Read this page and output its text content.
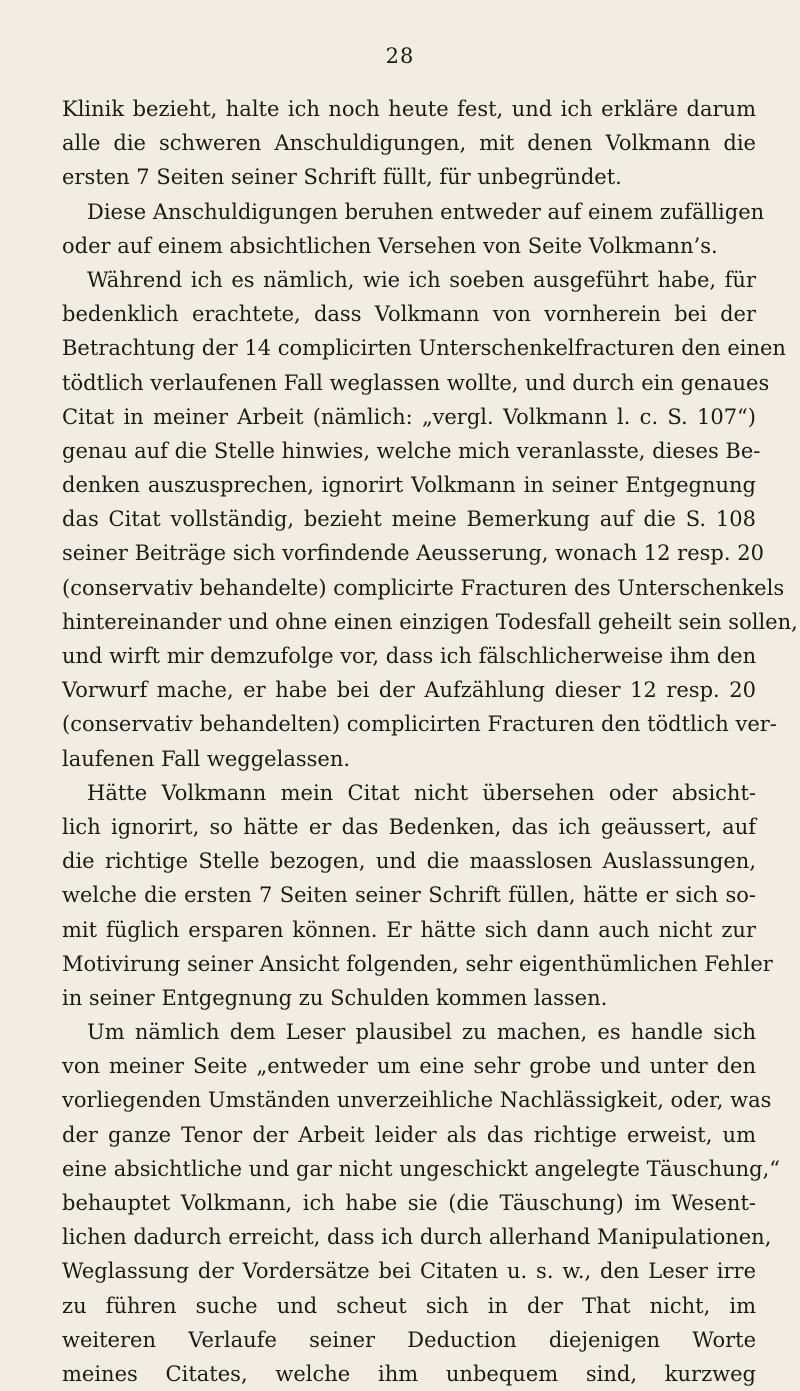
28
Klinik bezieht, halte ich noch heute fest, und ich erkläre darum
alle die schweren Anschuldigungen, mit denen Volkmann die
ersten 7 Seiten seiner Schrift füllt, für unbegründet.
Diese Anschuldigungen beruhen entweder auf einem zufälligen
oder auf einem absichtlichen Versehen von Seite Volkmann’s.
Während ich es nämlich, wie ich soeben ausgeführt habe, für
bedenklich erachtete, dass Volkmann von vornherein bei der
Betrachtung der 14 complicirten Unterschenkelfracturen den einen
tödtlich verlaufenen Fall weglassen wollte, und durch ein genaues
Citat in meiner Arbeit (nämlich: „vergl. Volkmann l. c. S. 107“)
genau auf die Stelle hinwies, welche mich veranlasste, dieses Be-
denken auszusprechen, ignorirt Volkmann in seiner Entgegnung
das Citat vollständig, bezieht meine Bemerkung auf die S. 108
seiner Beiträge sich vorfindende Aeusserung, wonach 12 resp. 20
(conservativ behandelte) complicirte Fracturen des Unterschenkels
hintereinander und ohne einen einzigen Todesfall geheilt sein sollen,
und wirft mir demzufolge vor, dass ich fälschlicherweise ihm den
Vorwurf mache, er habe bei der Aufzählung dieser 12 resp. 20
(conservativ behandelten) complicirten Fracturen den tödtlich ver-
laufenen Fall weggelassen.
Hätte Volkmann mein Citat nicht übersehen oder absicht-
lich ignorirt, so hätte er das Bedenken, das ich geäussert, auf
die richtige Stelle bezogen, und die maasslosen Auslassungen,
welche die ersten 7 Seiten seiner Schrift füllen, hätte er sich so-
mit füglich ersparen können. Er hätte sich dann auch nicht zur
Motivirung seiner Ansicht folgenden, sehr eigenthümlichen Fehler
in seiner Entgegnung zu Schulden kommen lassen.
Um nämlich dem Leser plausibel zu machen, es handle sich
von meiner Seite „entweder um eine sehr grobe und unter den
vorliegenden Umständen unverzeihliche Nachlässigkeit, oder, was
der ganze Tenor der Arbeit leider als das richtige erweist, um
eine absichtliche und gar nicht ungeschickt angelegte Täuschung,“
behauptet Volkmann, ich habe sie (die Täuschung) im Wesent-
lichen dadurch erreicht, dass ich durch allerhand Manipulationen,
Weglassung der Vordersätze bei Citaten u. s. w., den Leser irre
zu führen suche und scheut sich in der That nicht, im
weiteren Verlaufe seiner Deduction diejenigen Worte
meines Citates, welche ihm unbequem sind, kurzweg
